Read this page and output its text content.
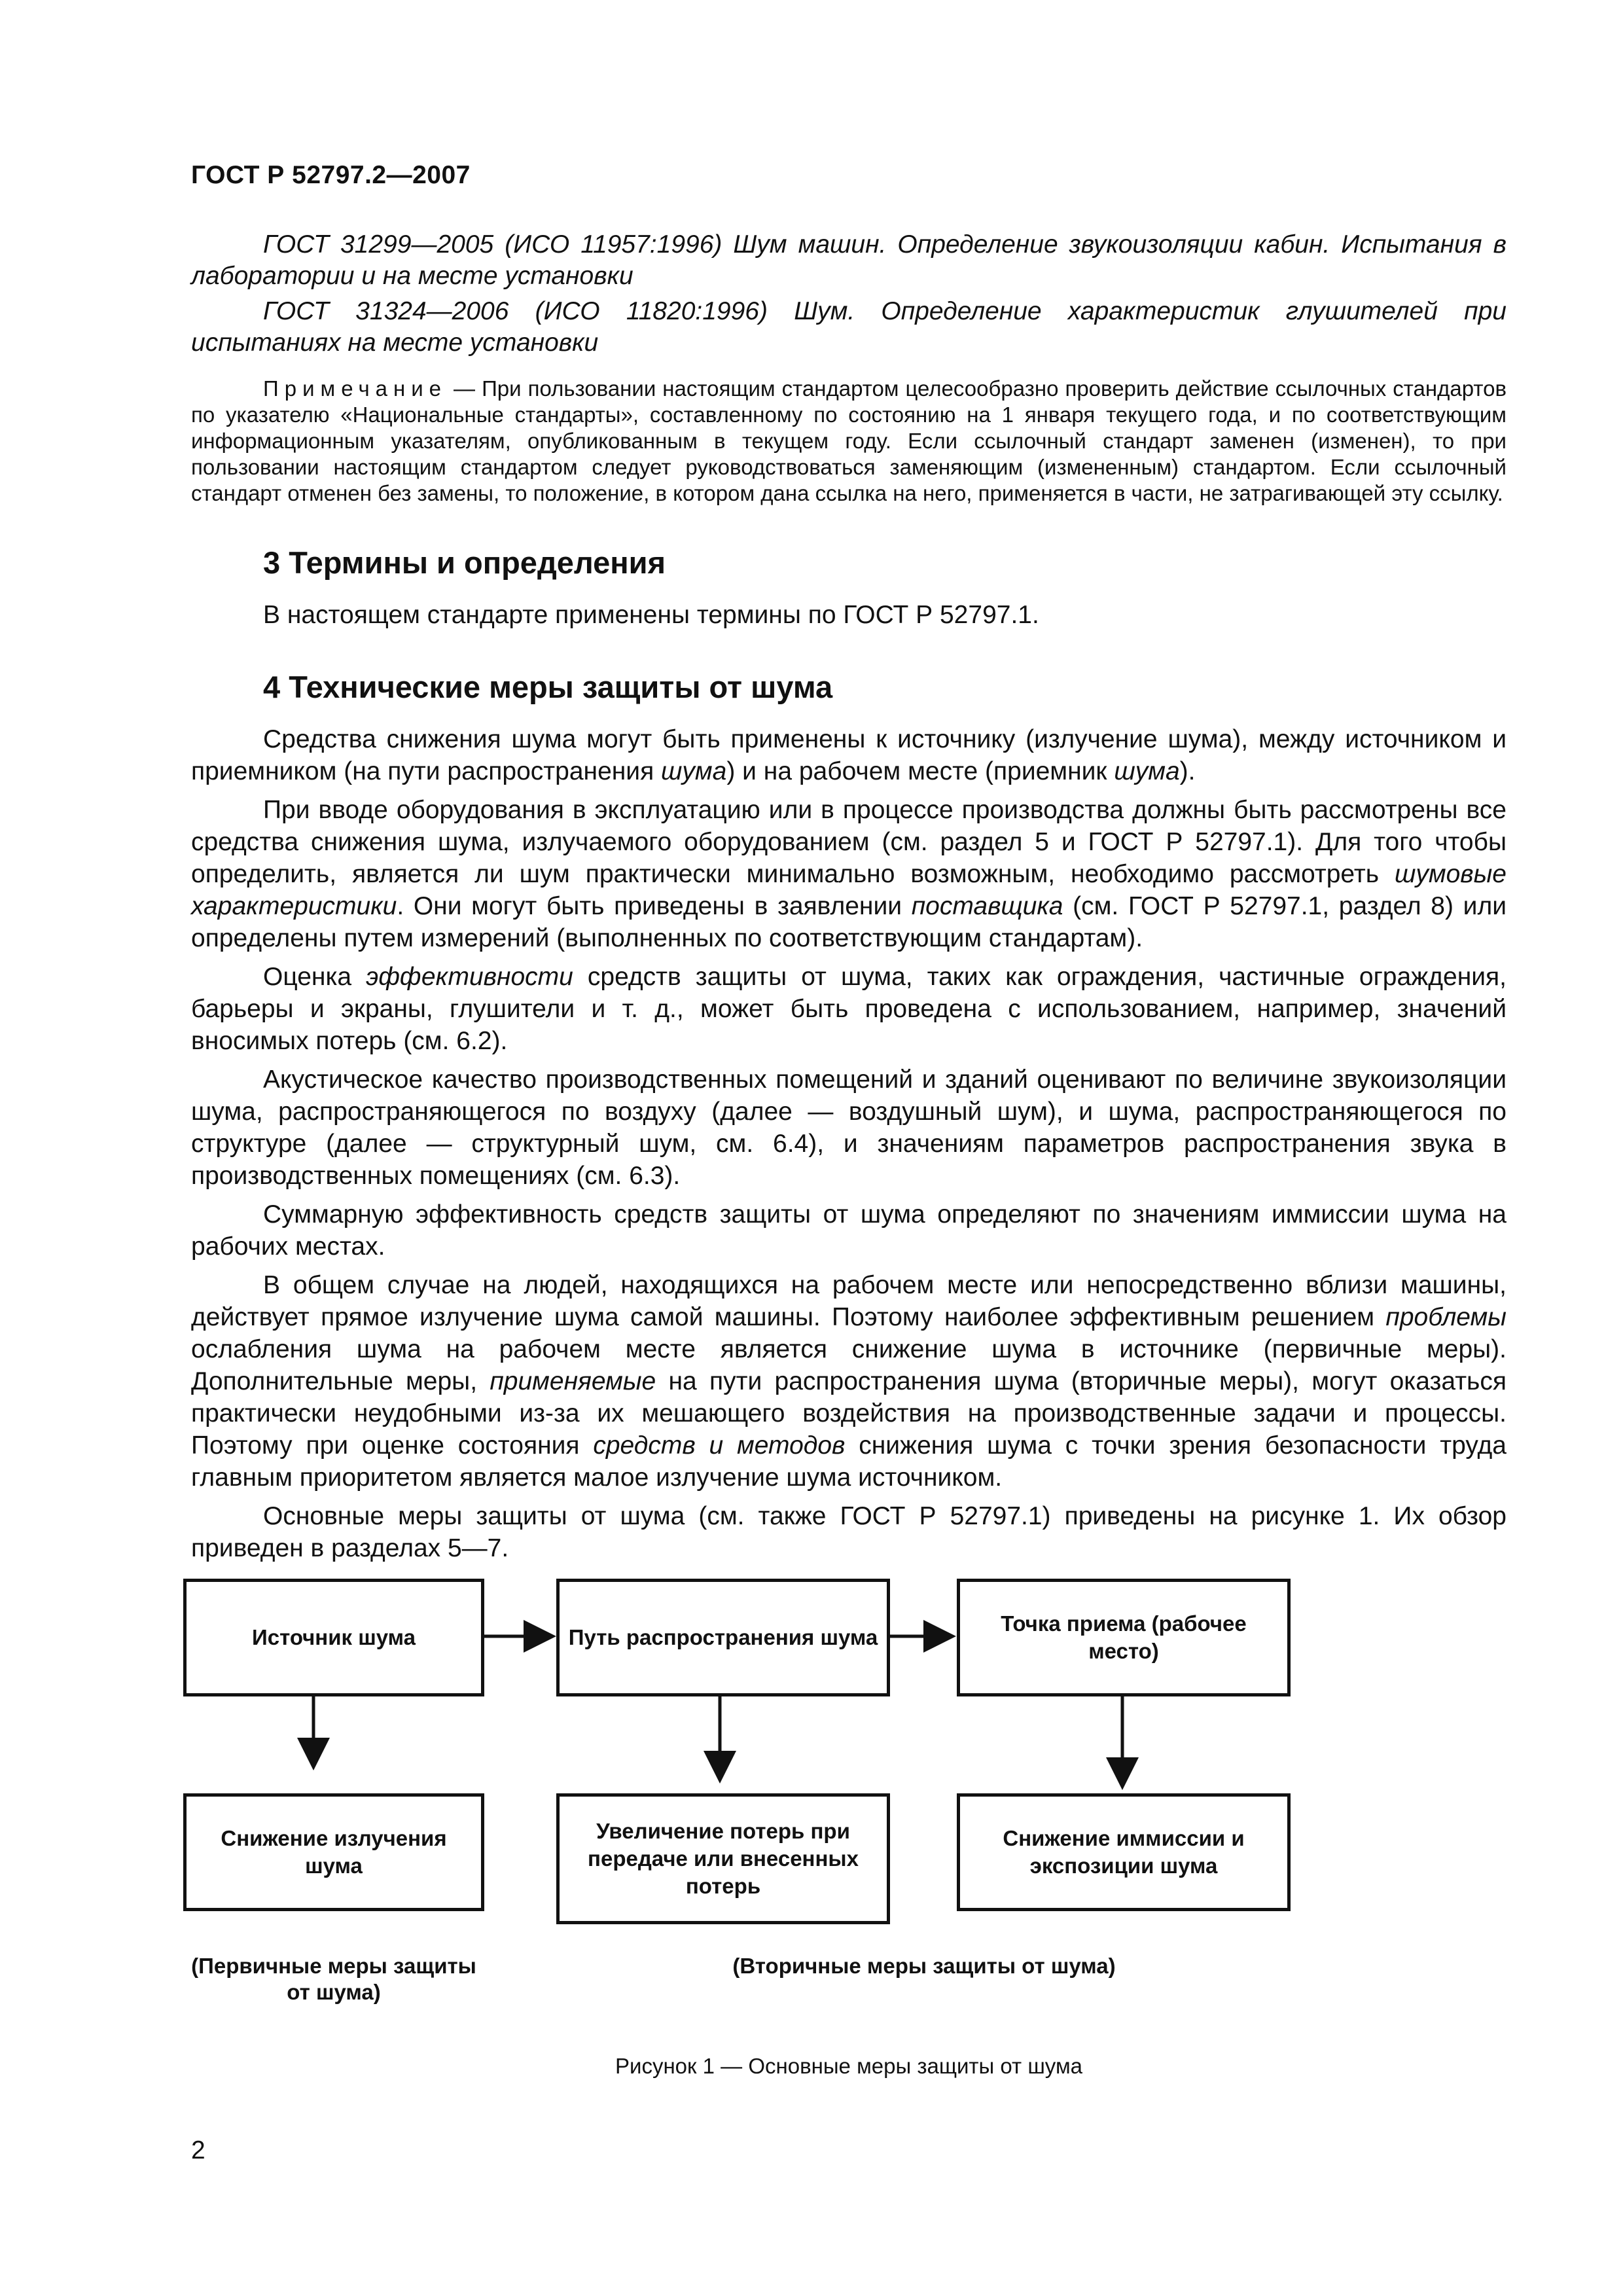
ГОСТ Р 52797.2—2007

ГОСТ 31299—2005 (ИСО 11957:1996) Шум машин. Определение звукоизоляции кабин. Испытания в лаборатории и на месте установки

ГОСТ 31324—2006 (ИСО 11820:1996) Шум. Определение характеристик глушителей при испытаниях на месте установки

Примечание — При пользовании настоящим стандартом целесообразно проверить действие ссылочных стандартов по указателю «Национальные стандарты», составленному по состоянию на 1 января текущего года, и по соответствующим информационным указателям, опубликованным в текущем году. Если ссылочный стандарт заменен (изменен), то при пользовании настоящим стандартом следует руководствоваться заменяющим (измененным) стандартом. Если ссылочный стандарт отменен без замены, то положение, в котором дана ссылка на него, применяется в части, не затрагивающей эту ссылку.

3 Термины и определения

В настоящем стандарте применены термины по ГОСТ Р 52797.1.

4 Технические меры защиты от шума

Средства снижения шума могут быть применены к источнику (излучение шума), между источником и приемником (на пути распространения шума) и на рабочем месте (приемник шума).

При вводе оборудования в эксплуатацию или в процессе производства должны быть рассмотрены все средства снижения шума, излучаемого оборудованием (см. раздел 5 и ГОСТ Р 52797.1). Для того чтобы определить, является ли шум практически минимально возможным, необходимо рассмотреть шумовые характеристики. Они могут быть приведены в заявлении поставщика (см. ГОСТ Р 52797.1, раздел 8) или определены путем измерений (выполненных по соответствующим стандартам).

Оценка эффективности средств защиты от шума, таких как ограждения, частичные ограждения, барьеры и экраны, глушители и т. д., может быть проведена с использованием, например, значений вносимых потерь (см. 6.2).

Акустическое качество производственных помещений и зданий оценивают по величине звукоизоляции шума, распространяющегося по воздуху (далее — воздушный шум), и шума, распространяющегося по структуре (далее — структурный шум, см. 6.4), и значениям параметров распространения звука в производственных помещениях (см. 6.3).

Суммарную эффективность средств защиты от шума определяют по значениям иммиссии шума на рабочих местах.

В общем случае на людей, находящихся на рабочем месте или непосредственно вблизи машины, действует прямое излучение шума самой машины. Поэтому наиболее эффективным решением проблемы ослабления шума на рабочем месте является снижение шума в источнике (первичные меры). Дополнительные меры, применяемые на пути распространения шума (вторичные меры), могут оказаться практически неудобными из-за их мешающего воздействия на производственные задачи и процессы. Поэтому при оценке состояния средств и методов снижения шума с точки зрения безопасности труда главным приоритетом является малое излучение шума источником.

Основные меры защиты от шума (см. также ГОСТ Р 52797.1) приведены на рисунке 1. Их обзор приведен в разделах 5—7.

Источник шума	Путь распространения шума
Точка приема (рабочее место)
Снижение излучения шума
Увеличение потерь при передаче или внесенных потерь
Снижение иммиссии и экспозиции шума
(Первичные меры защиты от шума)
(Вторичные меры защиты от шума)
Рисунок 1 — Основные меры защиты от шума
2
